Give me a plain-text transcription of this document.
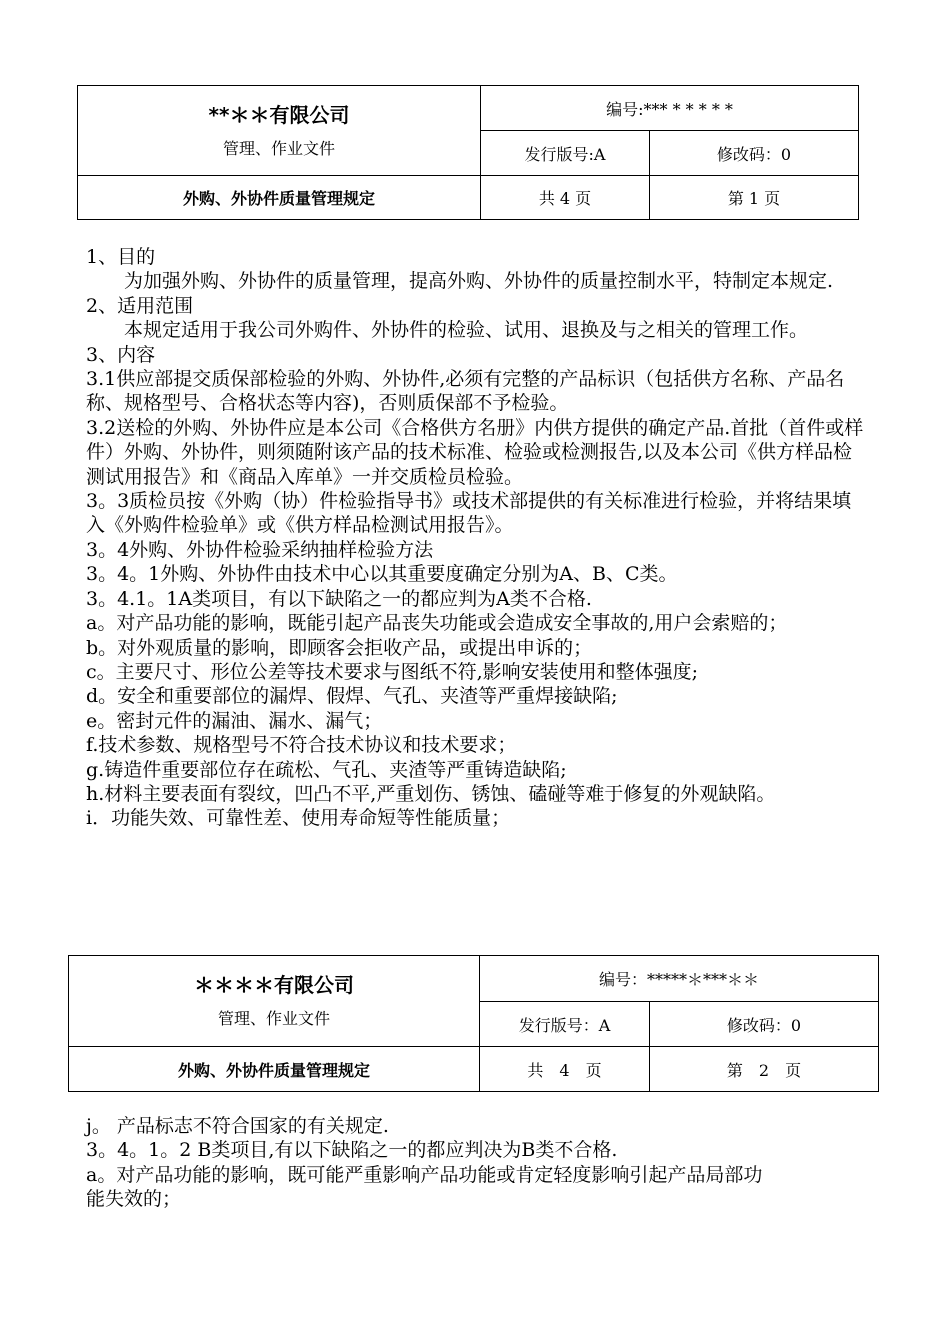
**＊＊有限公司
管理、作业文件	编号:*** * * * * *	
	发行版号:A	修改码：0
外购、外协件质量管理规定	共 4 页	第 1 页

1、目的

为加强外购、外协件的质量管理，提高外购、外协件的质量控制水平，特制定本规定.

2、适用范围

本规定适用于我公司外购件、外协件的检验、试用、退换及与之相关的管理工作。

3、内容

3.1供应部提交质保部检验的外购、外协件,必须有完整的产品标识（包括供方名称、产品名称、规格型号、合格状态等内容)，否则质保部不予检验。

3.2送检的外购、外协件应是本公司《合格供方名册》内供方提供的确定产品.首批（首件或样件）外购、外协件，则须随附该产品的技术标准、检验或检测报告,以及本公司《供方样品检测试用报告》和《商品入库单》一并交质检员检验。

3。3质检员按《外购（协）件检验指导书》或技术部提供的有关标准进行检验，并将结果填入《外购件检验单》或《供方样品检测试用报告》。

3。4外购、外协件检验采纳抽样检验方法

3。4。1外购、外协件由技术中心以其重要度确定分别为A、B、C类。

3。4.1。1A类项目，有以下缺陷之一的都应判为A类不合格.

a。对产品功能的影响，既能引起产品丧失功能或会造成安全事故的,用户会索赔的；

b。对外观质量的影响，即顾客会拒收产品，或提出申诉的；

c。主要尺寸、形位公差等技术要求与图纸不符,影响安装使用和整体强度;

d。安全和重要部位的漏焊、假焊、气孔、夹渣等严重焊接缺陷;

e。密封元件的漏油、漏水、漏气；

f.技术参数、规格型号不符合技术协议和技术要求；

g.铸造件重要部位存在疏松、气孔、夹渣等严重铸造缺陷;

h.材料主要表面有裂纹，凹凸不平,严重划伤、锈蚀、磕碰等难于修复的外观缺陷。

i．功能失效、可靠性差、使用寿命短等性能质量；

＊＊＊＊有限公司
管理、作业文件	编号：*****＊***＊＊	
	发行版号：A	修改码：0
外购、外协件质量管理规定	共　4　页	第　2　页

j。 产品标志不符合国家的有关规定.

3。4。1。2 B类项目,有以下缺陷之一的都应判决为B类不合格.

a。对产品功能的影响，既可能严重影响产品功能或肯定轻度影响引起产品局部功

能失效的；
